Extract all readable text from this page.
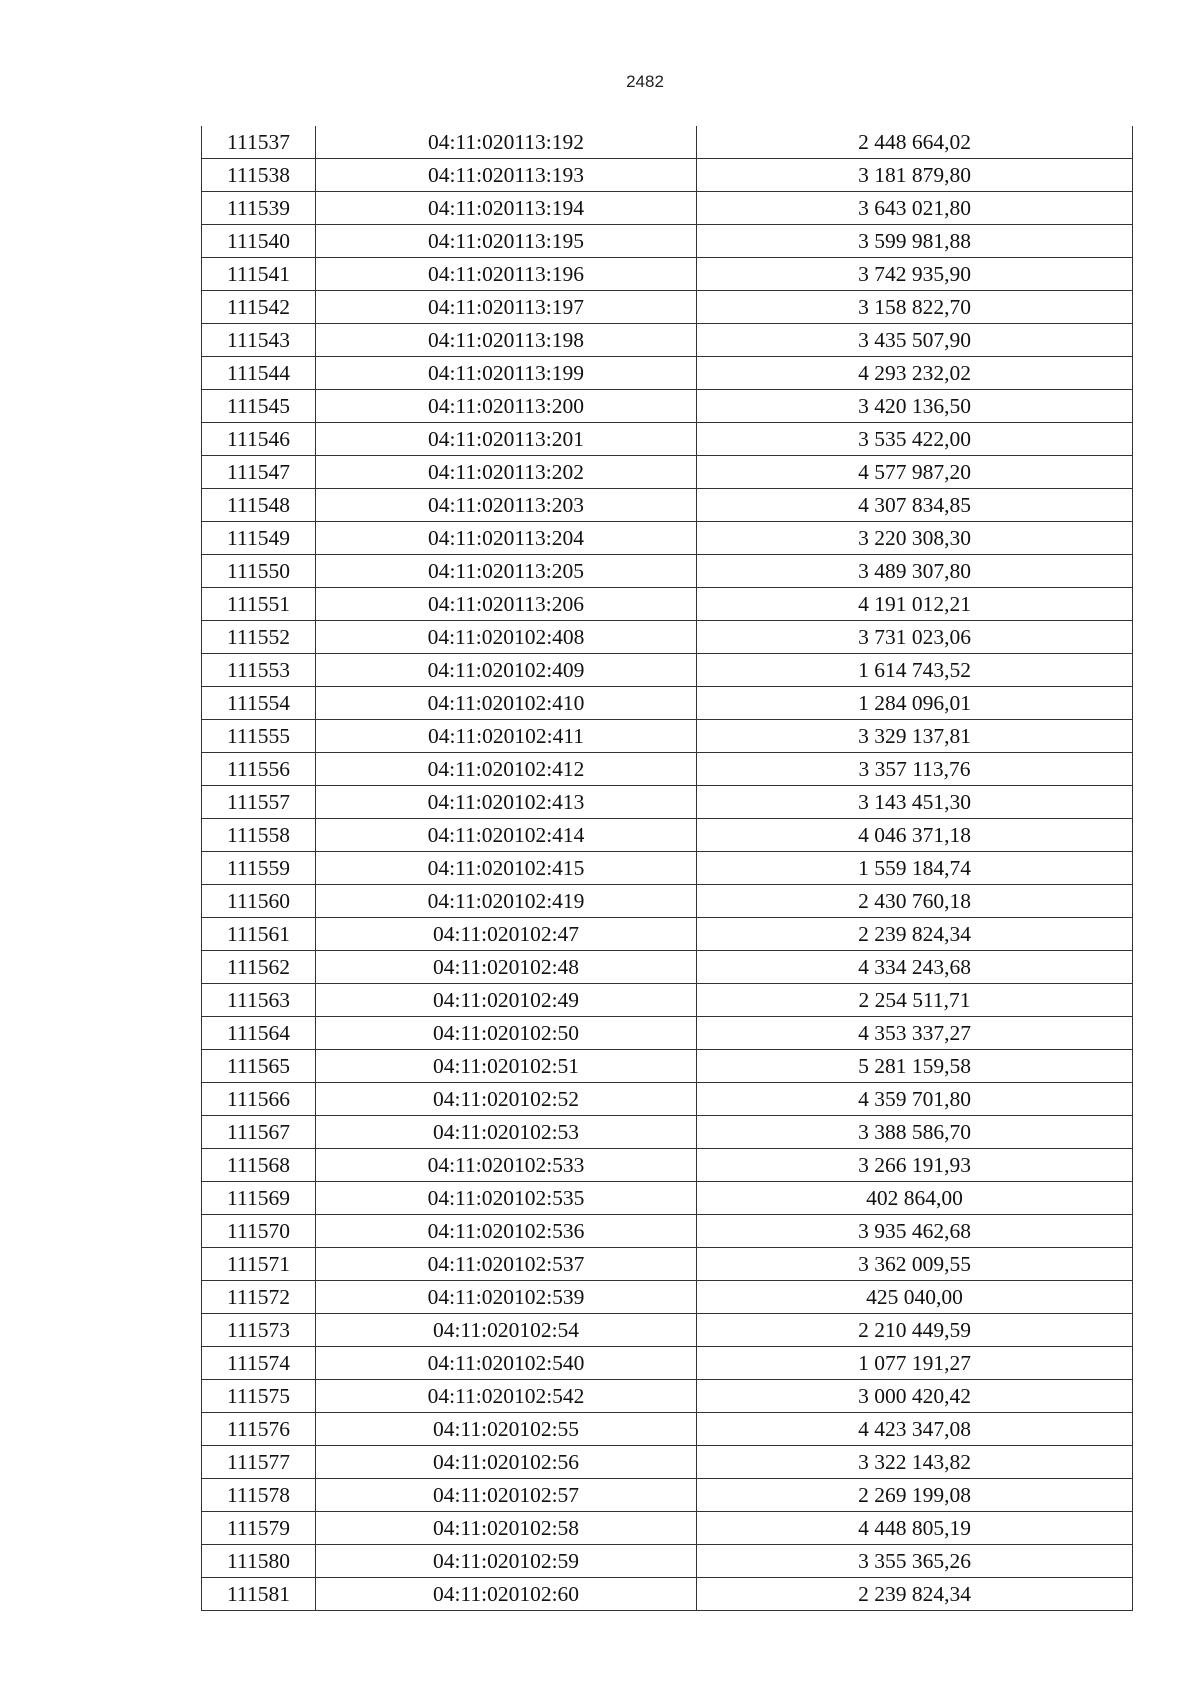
2482
111537	04:11:020113:192	2 448 664,02
111538	04:11:020113:193	3 181 879,80
111539	04:11:020113:194	3 643 021,80
111540	04:11:020113:195	3 599 981,88
111541	04:11:020113:196	3 742 935,90
111542	04:11:020113:197	3 158 822,70
111543	04:11:020113:198	3 435 507,90
111544	04:11:020113:199	4 293 232,02
111545	04:11:020113:200	3 420 136,50
111546	04:11:020113:201	3 535 422,00
111547	04:11:020113:202	4 577 987,20
111548	04:11:020113:203	4 307 834,85
111549	04:11:020113:204	3 220 308,30
111550	04:11:020113:205	3 489 307,80
111551	04:11:020113:206	4 191 012,21
111552	04:11:020102:408	3 731 023,06
111553	04:11:020102:409	1 614 743,52
111554	04:11:020102:410	1 284 096,01
111555	04:11:020102:411	3 329 137,81
111556	04:11:020102:412	3 357 113,76
111557	04:11:020102:413	3 143 451,30
111558	04:11:020102:414	4 046 371,18
111559	04:11:020102:415	1 559 184,74
111560	04:11:020102:419	2 430 760,18
111561	04:11:020102:47	2 239 824,34
111562	04:11:020102:48	4 334 243,68
111563	04:11:020102:49	2 254 511,71
111564	04:11:020102:50	4 353 337,27
111565	04:11:020102:51	5 281 159,58
111566	04:11:020102:52	4 359 701,80
111567	04:11:020102:53	3 388 586,70
111568	04:11:020102:533	3 266 191,93
111569	04:11:020102:535	402 864,00
111570	04:11:020102:536	3 935 462,68
111571	04:11:020102:537	3 362 009,55
111572	04:11:020102:539	425 040,00
111573	04:11:020102:54	2 210 449,59
111574	04:11:020102:540	1 077 191,27
111575	04:11:020102:542	3 000 420,42
111576	04:11:020102:55	4 423 347,08
111577	04:11:020102:56	3 322 143,82
111578	04:11:020102:57	2 269 199,08
111579	04:11:020102:58	4 448 805,19
111580	04:11:020102:59	3 355 365,26
111581	04:11:020102:60	2 239 824,34
